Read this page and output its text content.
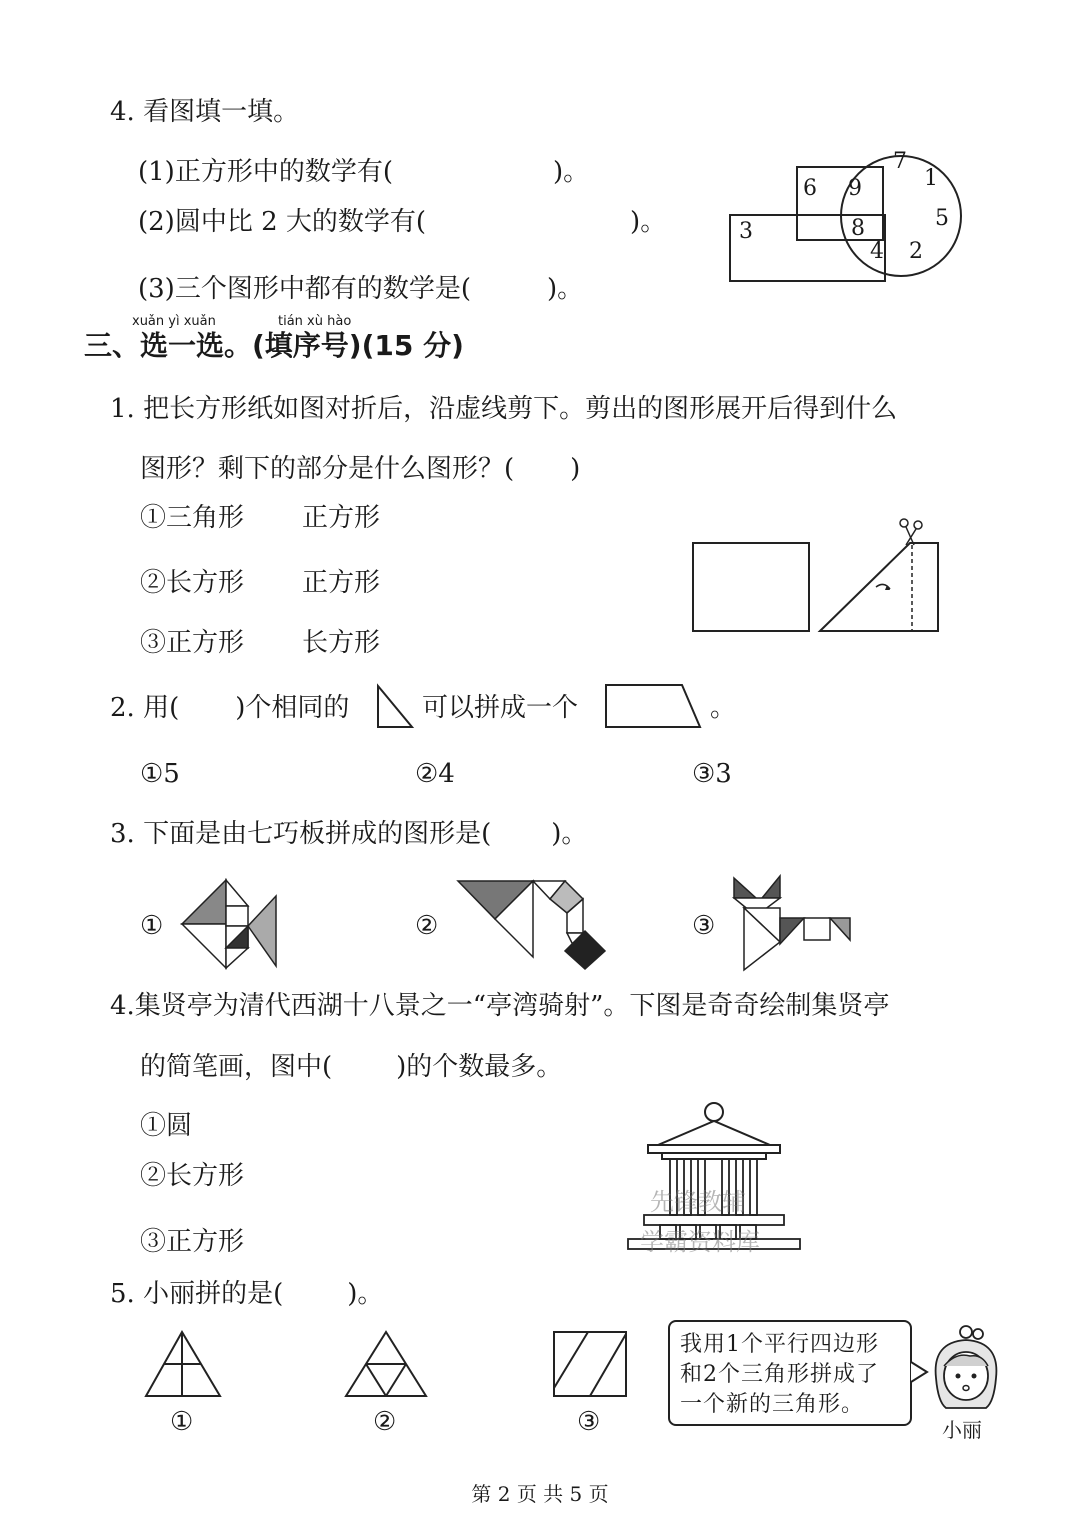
4. 看图填一填。
(1)正方形中的数学有(	)。
(2)圆中比 2 大的数学有(	)。
(3)三个图形中都有的数学是(	)。
7
1
6 9
5
3	8
4 2
xuǎn yì xuǎn	tián xù hào
三、选一选。(填序号)(15 分)
1. 把长方形纸如图对折后，沿虚线剪下。剪出的图形展开后得到什么
图形？剩下的部分是什么图形？( )
①三角形 正方形
②长方形 正方形
③正方形 长方形
2. 用( )个相同的	可以拼成一个	。
①5	②4	③3
3. 下面是由七巧板拼成的图形是( )。
①	②	③
4.集贤亭为清代西湖十八景之一“亭湾骑射”。下图是奇奇绘制集贤亭
的简笔画，图中( )的个数最多。
①圆
②长方形
③正方形
先锋教辅
学霸资料库
5. 小丽拼的是( )。
①	②	③
我用1个平行四边形
和2个三角形拼成了
一个新的三角形。
小丽
第 2 页 共 5 页
